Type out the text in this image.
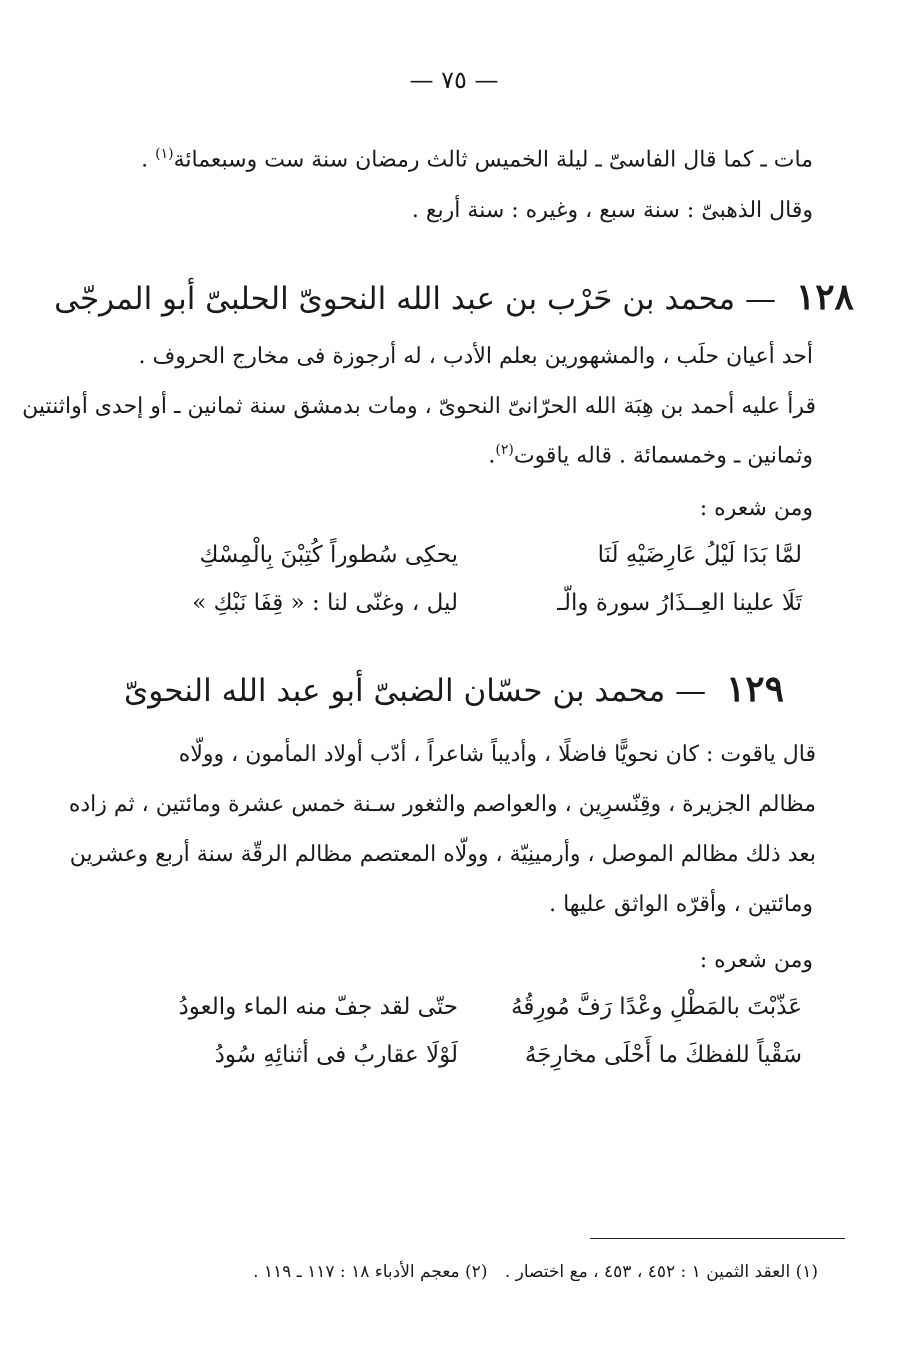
— ٧٥ —
مات ـ كما قال الفاسىّ ـ ليلة الخميس ثالث رمضان سنة ست وسبعمائة$^{(١)}$ .
وقال الذهبىّ : سنة سبع ، وغيره : سنة أربع .
١٢٨ — محمد بن حَرْب بن عبد الله النحوىّ الحلبىّ أبو المرجّى
أحد أعيان حلَب ، والمشهورين بعلم الأدب ، له أرجوزة فى مخارج الحروف .
قرأ عليه أحمد بن هِبَة الله الحرّانىّ النحوىّ ، ومات بدمشق سنة ثمانين ـ أو إحدى أواثنتين
وثمانين ـ وخمسمائة . قاله ياقوت$^{(٢)}$.
ومن شعره :
لمَّا بَدَا لَيْلُ عَارِضَيْهِ لَنَا
يحكِى سُطوراً كُتِبْنَ بِالْمِسْكِ
تَلَا علينا العِــذَارُ سورة والّـ
ليل ، وغنّى لنا : « قِفَا نَبْكِ »
١٢٩ — محمد بن حسّان الضبىّ أبو عبد الله النحوىّ
قال ياقوت : كان نحويًّا فاضلًا ، وأديباً شاعراً ، أدّب أولاد المأمون ، وولّاه
مظالم الجزيرة ، وقِنّسرِين ، والعواصم والثغور سـنة خمس عشرة ومائتين ، ثم زاده
بعد ذلك مظالم الموصل ، وأرمينِيّة ، وولّاه المعتصم مظالم الرقّة سنة أربع وعشرين
ومائتين ، وأقرّه الواثق عليها .
ومن شعره :
عَذّبْتَ بالمَطْلِ وعْدًا رَفَّ مُورِقُهُ
حتّى لقد جفّ منه الماء والعودُ
سَقْياً للفظكَ ما أَحْلَى مخارِجَهُ
لَوْلَا عقاربُ فى أثنائِهِ سُودُ
(١) العقد الثمين ١ : ٤٥٢ ، ٤٥٣ ، مع اختصار . (٢) معجم الأدباء ١٨ : ١١٧ ـ ١١٩ .
